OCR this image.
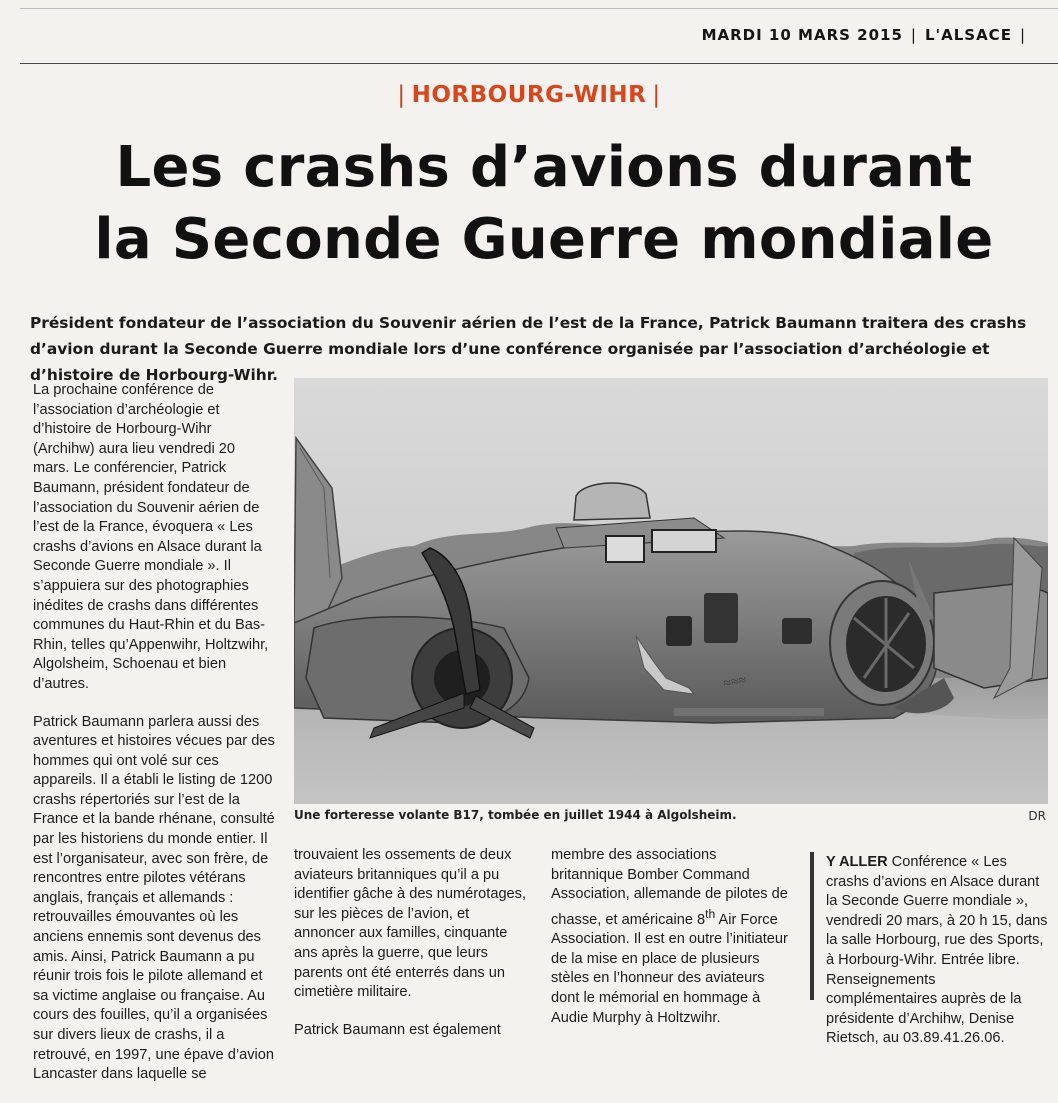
MARDI 10 MARS 2015 | L'ALSACE |
| HORBOURG-WIHR |
Les crashs d’avions durant
la Seconde Guerre mondiale
Président fondateur de l’association du Souvenir aérien de l’est de la France, Patrick Baumann traitera des crashs d’avion durant la Seconde Guerre mondiale lors d’une conférence organisée par l’association d’archéologie et d’histoire de Horbourg-Wihr.

La prochaine conférence de l’association d’archéologie et d’histoire de Horbourg-Wihr (Archihw) aura lieu vendredi 20 mars. Le conférencier, Patrick Baumann, président fondateur de l’association du Souvenir aérien de l’est de la France, évoquera « Les crashs d’avions en Alsace durant la Seconde Guerre mondiale ». Il s’appuiera sur des photographies inédites de crashs dans différentes communes du Haut-Rhin et du Bas-Rhin, telles qu’Appenwihr, Holtzwihr, Algolsheim, Schoenau et bien d’autres.

Patrick Baumann parlera aussi des aventures et histoires vécues par des hommes qui ont volé sur ces appareils. Il a établi le listing de 1200 crashs répertoriés sur l’est de la France et la bande rhénane, consulté par les historiens du monde entier. Il est l’organisateur, avec son frère, de rencontres entre pilotes vétérans anglais, français et allemands : retrouvailles émouvantes où les anciens ennemis sont devenus des amis. Ainsi, Patrick Baumann a pu réunir trois fois le pilote allemand et sa victime anglaise ou française. Au cours des fouilles, qu’il a organisées sur divers lieux de crashs, il a retrouvé, en 1997, une épave d’avion Lancaster dans laquelle se

≈≈≈
Une forteresse volante B17, tombée en juillet 1944 à Algolsheim.	DR

trouvaient les ossements de deux aviateurs britanniques qu’il a pu identifier gâche à des numérotages, sur les pièces de l’avion, et annoncer aux familles, cinquante ans après la guerre, que leurs parents ont été enterrés dans un cimetière militaire.

Patrick Baumann est également

membre des associations britannique Bomber Command Association, allemande de pilotes de chasse, et américaine 8th Air Force Association. Il est en outre l’initiateur de la mise en place de plusieurs stèles en l’honneur des aviateurs dont le mémorial en hommage à Audie Murphy à Holtzwihr.

Y ALLER Conférence « Les crashs d’avions en Alsace durant la Seconde Guerre mondiale », vendredi 20 mars, à 20 h 15, dans la salle Horbourg, rue des Sports, à Horbourg-Wihr. Entrée libre. Renseignements complémentaires auprès de la présidente d’Archihw, Denise Rietsch, au 03.89.41.26.06.
